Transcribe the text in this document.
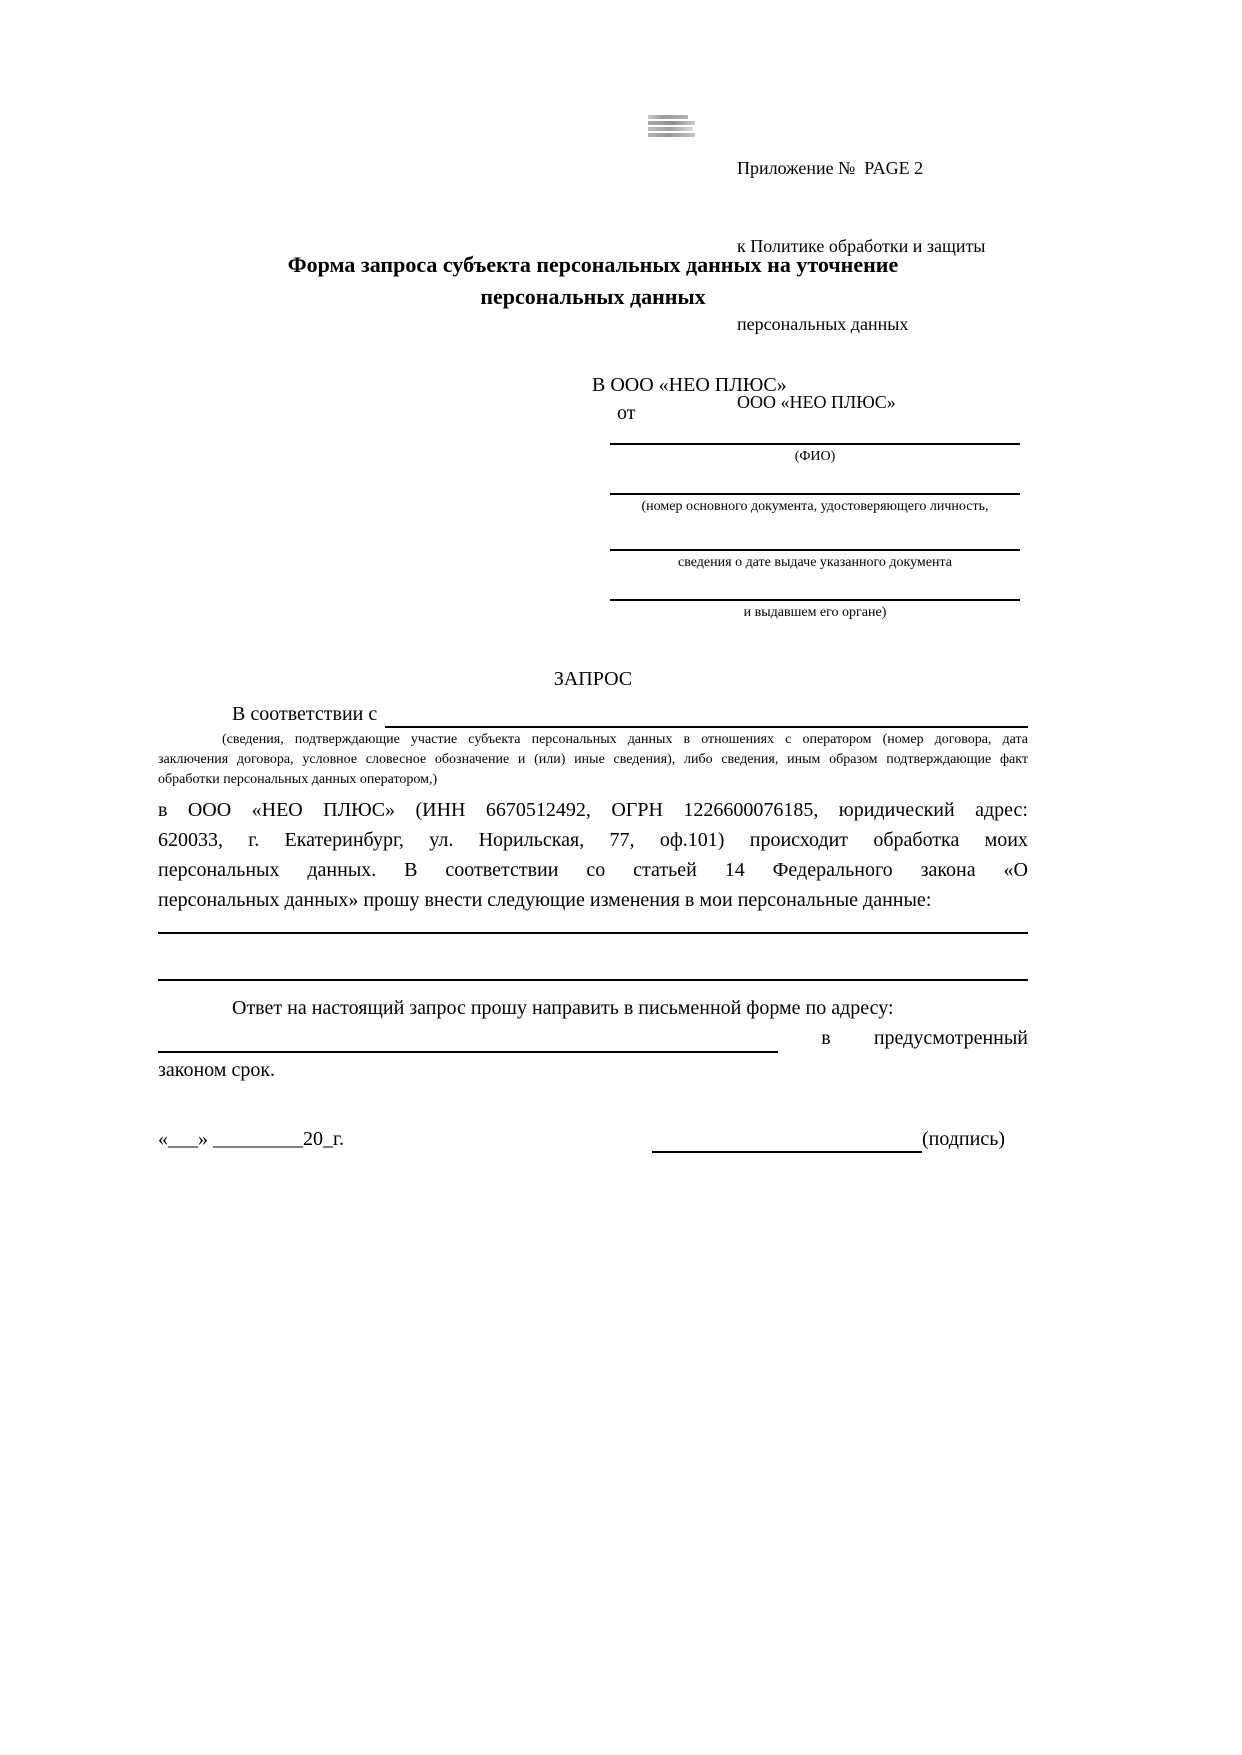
Приложение №  PAGE 2

к Политике обработки и защиты

персональных данных

ООО «НЕО ПЛЮС»

Форма запроса субъекта персональных данных на уточнение
персональных данных
В ООО «НЕО ПЛЮС»
от
(ФИО)
(номер основного документа, удостоверяющего личность,
сведения о дате выдаче указанного документа
и выдавшем его органе)
ЗАПРОС
В соответствии с
(сведения, подтверждающие участие субъекта персональных данных в отношениях с оператором (номер договора, дата
заключения договора, условное словесное обозначение и (или) иные сведения), либо сведения, иным образом подтверждающие факт
обработки персональных данных оператором,)
в ООО «НЕО ПЛЮС» (ИНН 6670512492, ОГРН 1226600076185, юридический адрес:
620033, г. Екатеринбург, ул. Норильская, 77, оф.101) происходит обработка моих
персональных данных. В соответствии со статьей 14 Федерального закона «О
персональных данных» прошу внести следующие изменения в мои персональные данные:
Ответ на настоящий запрос прошу направить в письменной форме по адресу:
в предусмотренный
законом срок.
«___» _________20_г.	(подпись)
